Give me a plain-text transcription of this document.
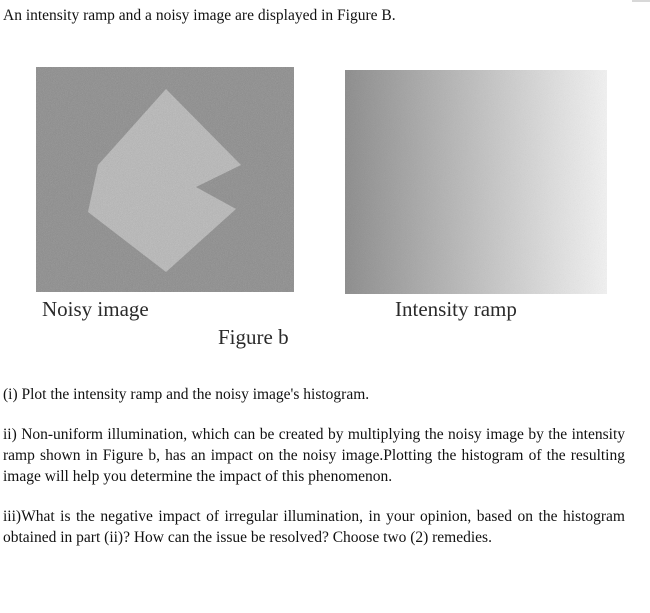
An intensity ramp and a noisy image are displayed in Figure B.
Noisy image	Intensity ramp
Figure b

(i) Plot the intensity ramp and the noisy image's histogram.

ii) Non-uniform illumination, which can be created by multiplying the noisy image by the intensity ramp shown in Figure b, has an impact on the noisy image.Plotting the histogram of the resulting image will help you determine the impact of this phenomenon.

iii)What is the negative impact of irregular illumination, in your opinion, based on the histogram obtained in part (ii)? How can the issue be resolved? Choose two (2) remedies.
